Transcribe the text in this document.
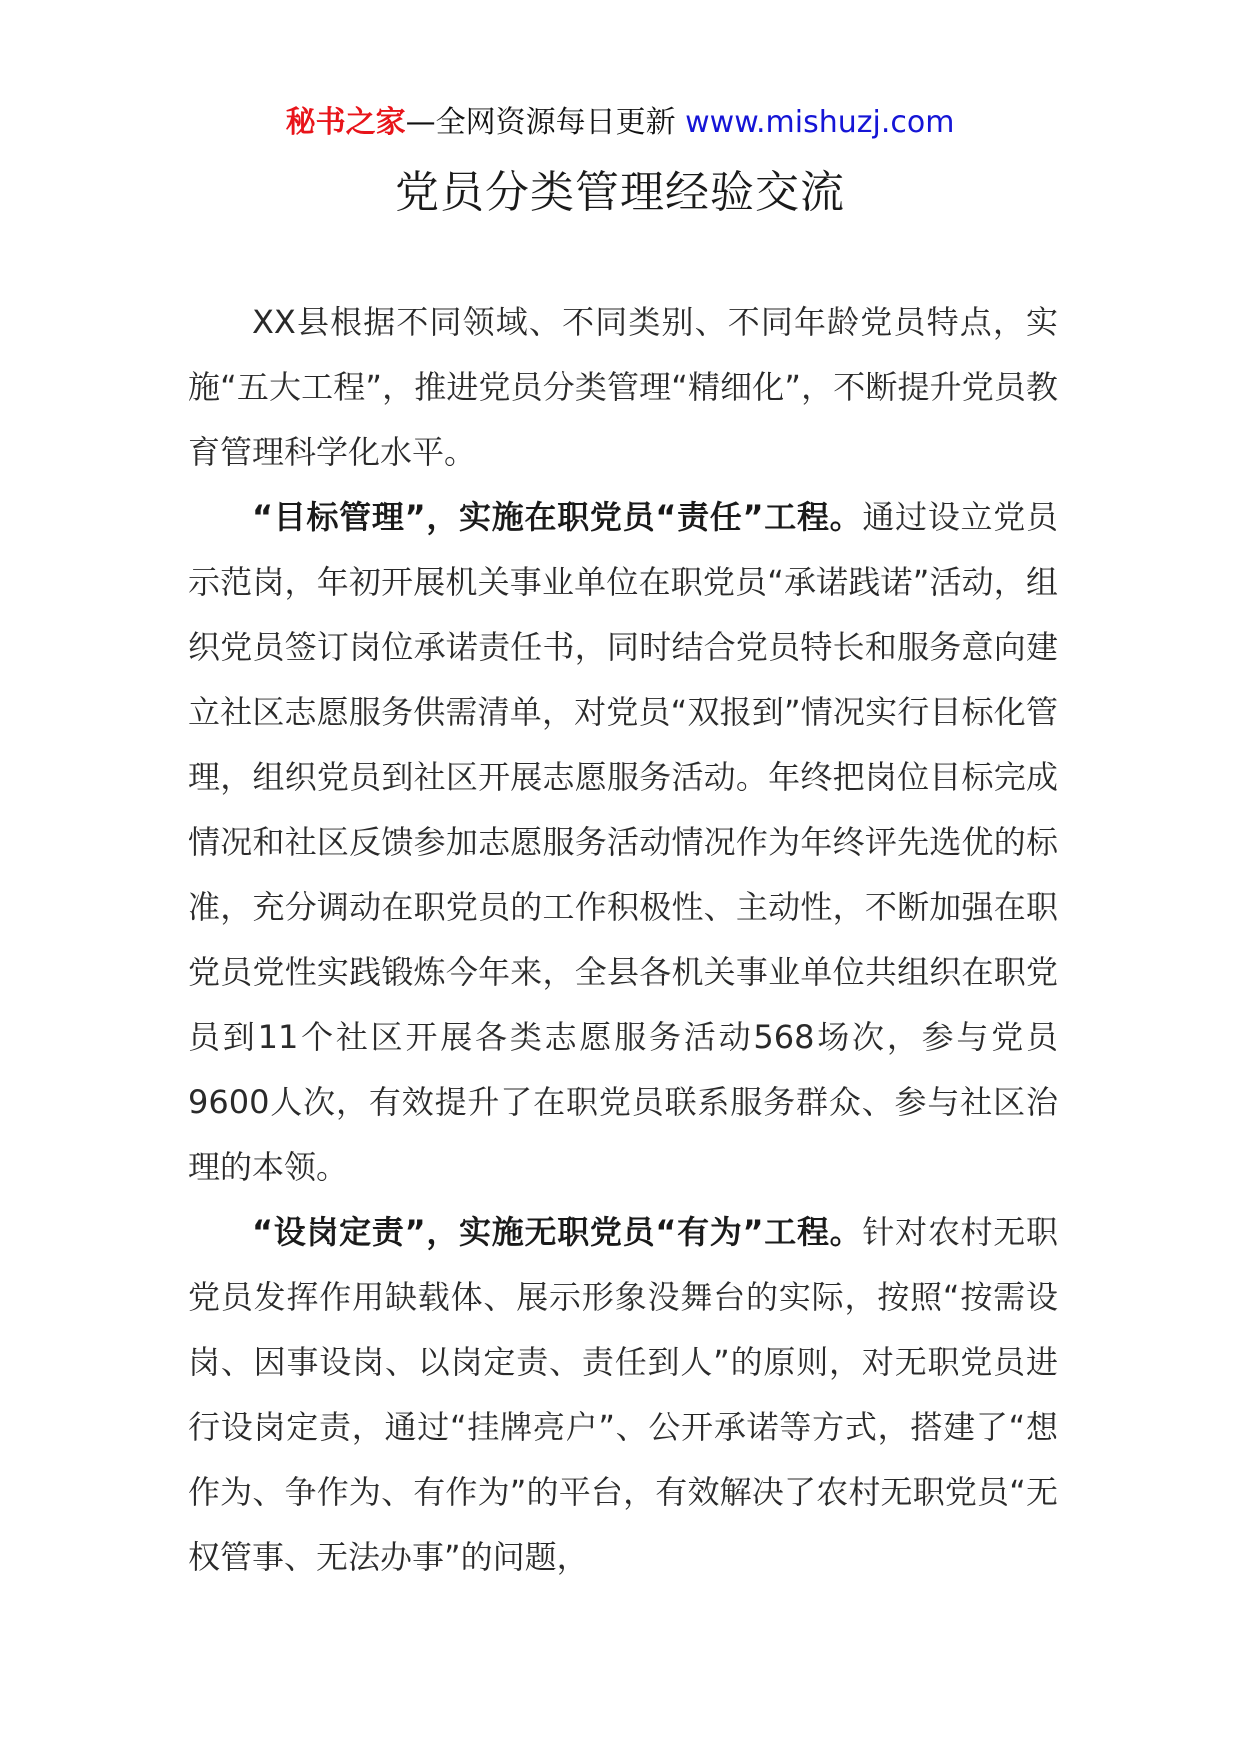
秘书之家—全网资源每日更新 www.mishuzj.com
党员分类管理经验交流

XX县根据不同领域、不同类别、不同年龄党员特点，实施“五大工程”，推进党员分类管理“精细化”，不断提升党员教育管理科学化水平。

“目标管理”，实施在职党员“责任”工程。通过设立党员示范岗，年初开展机关事业单位在职党员“承诺践诺”活动，组织党员签订岗位承诺责任书，同时结合党员特长和服务意向建立社区志愿服务供需清单，对党员“双报到”情况实行目标化管理，组织党员到社区开展志愿服务活动。年终把岗位目标完成情况和社区反馈参加志愿服务活动情况作为年终评先选优的标准，充分调动在职党员的工作积极性、主动性，不断加强在职党员党性实践锻炼今年来，全县各机关事业单位共组织在职党员到11个社区开展各类志愿服务活动568场次，参与党员9600人次，有效提升了在职党员联系服务群众、参与社区治理的本领。

“设岗定责”，实施无职党员“有为”工程。针对农村无职党员发挥作用缺载体、展示形象没舞台的实际，按照“按需设岗、因事设岗、以岗定责、责任到人”的原则，对无职党员进行设岗定责，通过“挂牌亮户”、公开承诺等方式，搭建了“想作为、争作为、有作为”的平台，有效解决了农村无职党员“无权管事、无法办事”的问题，
